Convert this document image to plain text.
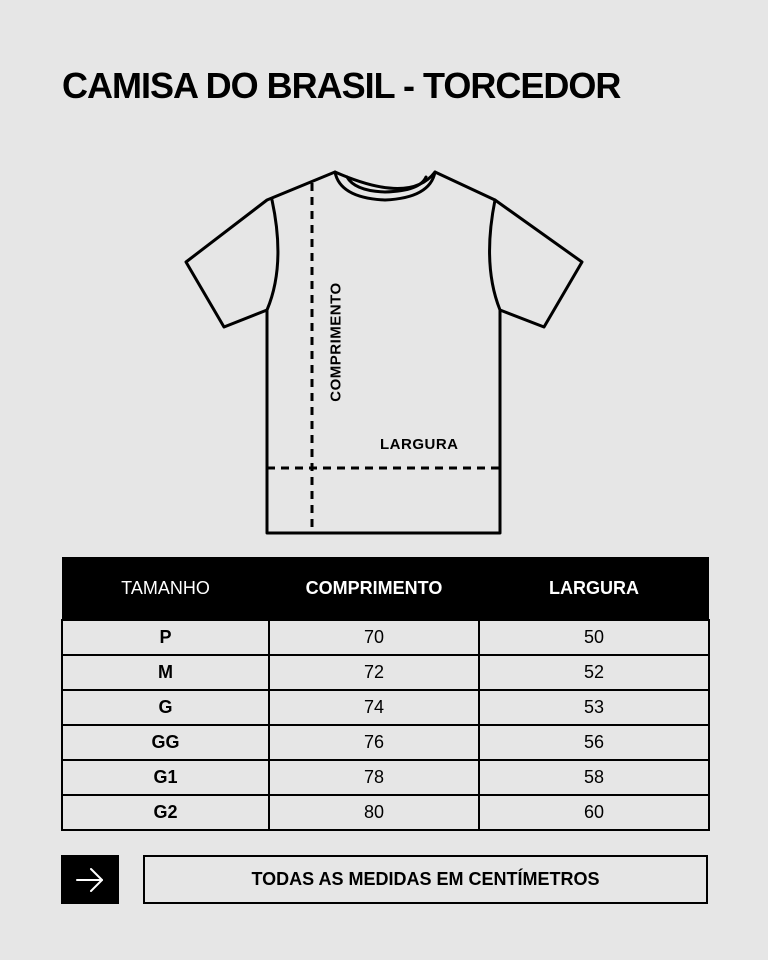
CAMISA DO BRASIL - TORCEDOR
COMPRIMENTO
LARGURA
TAMANHO	COMPRIMENTO	LARGURA
P	70	50
M	72	52
G	74	53
GG	76	56
G1	78	58
G2	80	60
TODAS AS MEDIDAS EM CENTÍMETROS
